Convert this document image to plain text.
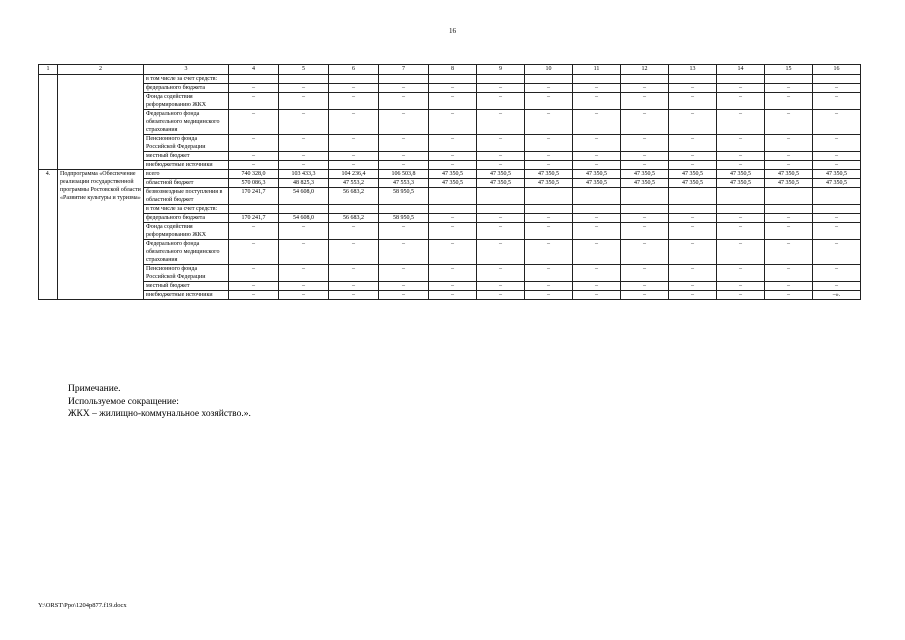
16
1	2	3	4	5	6	7	8	9	10	11	12	13	14	15	16
		в том числе за счет средств:													
		федерального бюджета	–	–	–	–	–	–	–	–	–	–	–	–	–
		Фонда содействия реформированию ЖКХ	–	–	–	–	–	–	–	–	–	–	–	–	–
		Федерального фонда обязательного медицинского страхования	–	–	–	–	–	–	–	–	–	–	–	–	–
		Пенсионного фонда Российской Федерации	–	–	–	–	–	–	–	–	–	–	–	–	–
		местный бюджет	–	–	–	–	–	–	–	–	–	–	–	–	–
		внебюджетные источники	–	–	–	–	–	–	–	–	–	–	–	–	–
4.	Подпрограмма «Обеспечение реализации государственной программы Ростовской области «Развитие культуры и туризма»	всего	740 328,0	103 433,3	104 236,4	106 503,8	47 350,5	47 350,5	47 350,5	47 350,5	47 350,5	47 350,5	47 350,5	47 350,5	47 350,5
		областной бюджет	570 086,3	48 825,3	47 553,2	47 553,3	47 350,5	47 350,5	47 350,5	47 350,5	47 350,5	47 350,5	47 350,5	47 350,5	47 350,5
		безвозмездные поступления в областной бюджет	170 241,7	54 608,0	56 683,2	58 950,5									
		в том числе за счет средств:													
		федерального бюджета	170 241,7	54 608,0	56 683,2	58 950,5	–	–	–	–	–	–	–	–	–
		Фонда содействия реформированию ЖКХ	–	–	–	–	–	–	–	–	–	–	–	–	–
		Федерального фонда обязательного медицинского страхования	–	–	–	–	–	–	–	–	–	–	–	–	–
		Пенсионного фонда Российской Федерации	–	–	–	–	–	–	–	–	–	–	–	–	–
		местный бюджет	–	–	–	–	–	–	–	–	–	–	–	–	–
		внебюджетные источники	–	–	–	–	–	–	–	–	–	–	–	–	–».
Примечание.
Используемое сокращение:
ЖКХ – жилищно-коммунальное хозяйство.».
Y:\ORST\Ppo\1204p877.f19.docx
